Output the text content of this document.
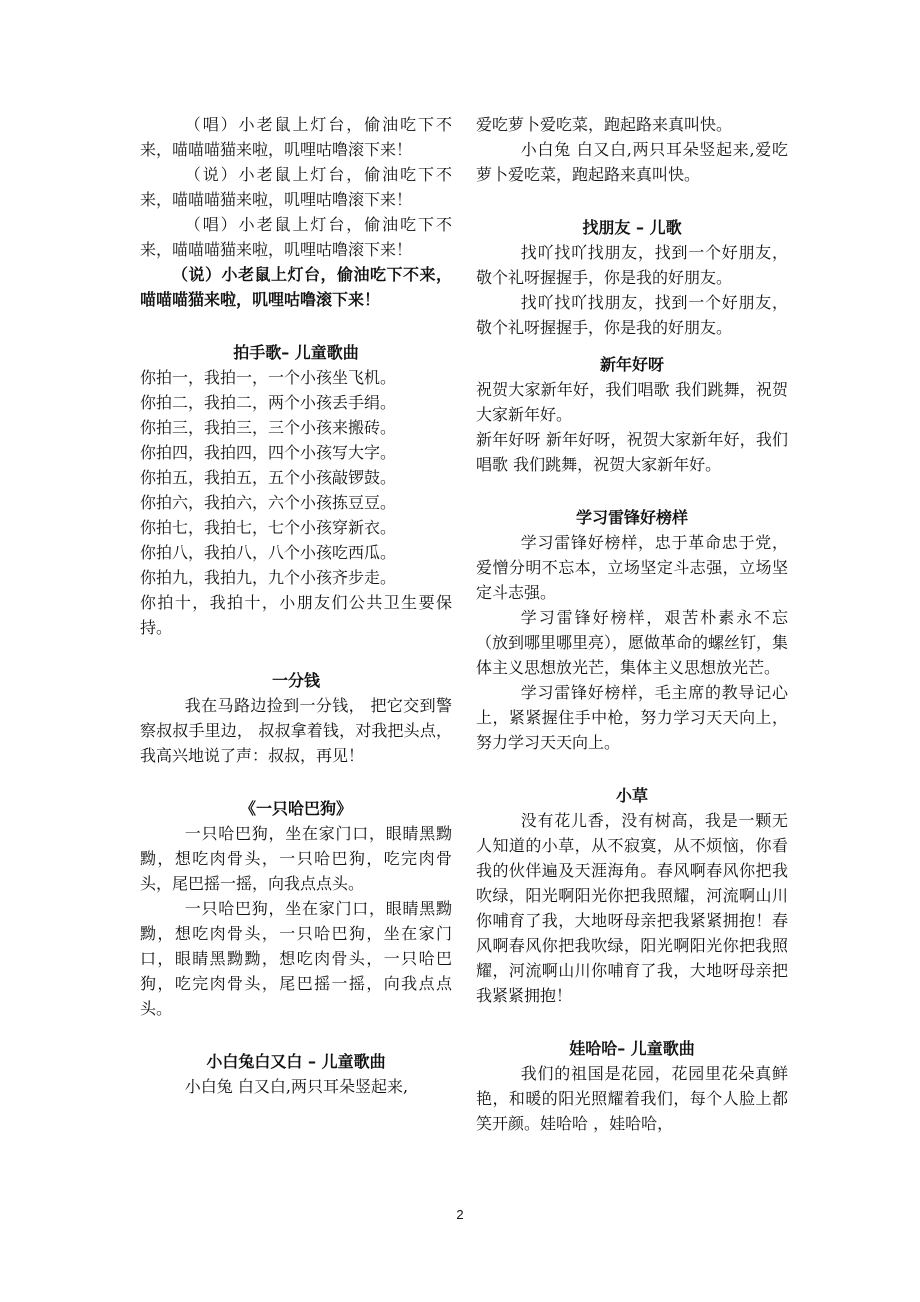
（唱）小老鼠上灯台，偷油吃下不来，喵喵喵猫来啦，叽哩咕噜滚下来！

（说）小老鼠上灯台，偷油吃下不来，喵喵喵猫来啦，叽哩咕噜滚下来！

（唱）小老鼠上灯台，偷油吃下不来，喵喵喵猫来啦，叽哩咕噜滚下来！

（说）小老鼠上灯台，偷油吃下不来，喵喵喵猫来啦，叽哩咕噜滚下来！

拍手歌– 儿童歌曲

你拍一，我拍一，一个小孩坐飞机。

你拍二，我拍二，两个小孩丢手绢。

你拍三，我拍三，三个小孩来搬砖。

你拍四，我拍四，四个小孩写大字。

你拍五，我拍五，五个小孩敲锣鼓。

你拍六，我拍六，六个小孩拣豆豆。

你拍七，我拍七，七个小孩穿新衣。

你拍八，我拍八，八个小孩吃西瓜。

你拍九，我拍九，九个小孩齐步走。

你拍十，我拍十，小朋友们公共卫生要保持。

一分钱

我在马路边捡到一分钱， 把它交到警察叔叔手里边， 叔叔拿着钱，对我把头点，我高兴地说了声：叔叔，再见！

《一只哈巴狗》

一只哈巴狗，坐在家门口，眼睛黑黝黝，想吃肉骨头，一只哈巴狗，吃完肉骨头，尾巴摇一摇，向我点点头。

一只哈巴狗，坐在家门口，眼睛黑黝黝，想吃肉骨头，一只哈巴狗，坐在家门口，眼睛黑黝黝，想吃肉骨头，一只哈巴狗，吃完肉骨头，尾巴摇一摇，向我点点头。

小白兔白又白 – 儿童歌曲

小白兔 白又白,两只耳朵竖起来,

爱吃萝卜爱吃菜，跑起路来真叫快。

小白兔 白又白,两只耳朵竖起来,爱吃萝卜爱吃菜，跑起路来真叫快。

找朋友 – 儿歌

找吖找吖找朋友，找到一个好朋友，敬个礼呀握握手，你是我的好朋友。

找吖找吖找朋友，找到一个好朋友，敬个礼呀握握手，你是我的好朋友。

新年好呀

祝贺大家新年好，我们唱歌 我们跳舞，祝贺大家新年好。

新年好呀 新年好呀，祝贺大家新年好，我们唱歌 我们跳舞，祝贺大家新年好。

学习雷锋好榜样

学习雷锋好榜样，忠于革命忠于党，爱憎分明不忘本，立场坚定斗志强，立场坚定斗志强。

学习雷锋好榜样，艰苦朴素永不忘（放到哪里哪里亮），愿做革命的螺丝钉，集体主义思想放光芒，集体主义思想放光芒。

学习雷锋好榜样，毛主席的教导记心上，紧紧握住手中枪，努力学习天天向上，努力学习天天向上。

小草

没有花儿香，没有树高，我是一颗无人知道的小草，从不寂寞，从不烦恼，你看我的伙伴遍及天涯海角。春风啊春风你把我吹绿，阳光啊阳光你把我照耀，河流啊山川你哺育了我，大地呀母亲把我紧紧拥抱！春风啊春风你把我吹绿，阳光啊阳光你把我照耀，河流啊山川你哺育了我，大地呀母亲把我紧紧拥抱！

娃哈哈– 儿童歌曲

我们的祖国是花园，花园里花朵真鲜艳，和暖的阳光照耀着我们，每个人脸上都笑开颜。娃哈哈 ，娃哈哈，

2
